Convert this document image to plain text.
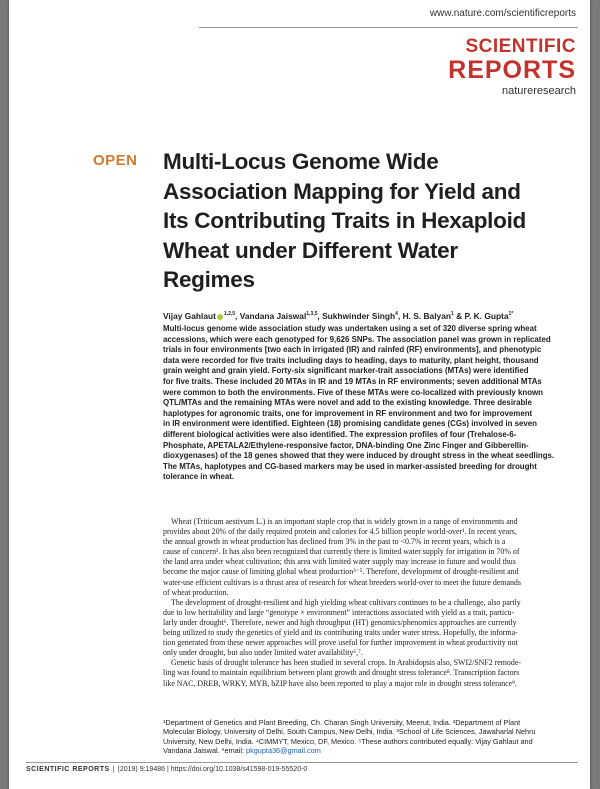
www.nature.com/scientificreports
SCIENTIFIC
REPORTS
natureresearch
OPEN Multi-Locus Genome Wide
Association Mapping for Yield and
Its Contributing Traits in Hexaploid
Wheat under Different Water
Regimes
Vijay Gahlaut $^{1,2,5}$, Vandana Jaiswal$^{1,3,5}$, Sukhwinder Singh$^4$, H. S. Balyan$^1$ & P. K. Gupta$^{1*}$
Multi-locus genome wide association study was undertaken using a set of 320 diverse spring wheat
accessions, which were each genotyped for 9,626 SNPs. The association panel was grown in replicated
trials in four environments [two each in irrigated (IR) and rainfed (RF) environments], and phenotypic
data were recorded for five traits including days to heading, days to maturity, plant height, thousand
grain weight and grain yield. Forty-six significant marker-trait associations (MTAs) were identified
for five traits. These included 20 MTAs in IR and 19 MTAs in RF environments; seven additional MTAs
were common to both the environments. Five of these MTAs were co-localized with previously known
QTL/MTAs and the remaining MTAs were novel and add to the existing knowledge. Three desirable
haplotypes for agronomic traits, one for improvement in RF environment and two for improvement
in IR environment were identified. Eighteen (18) promising candidate genes (CGs) involved in seven
different biological activities were also identified. The expression profiles of four (Trehalose-6-
Phosphate, APETALA2/Ethylene-responsive factor, DNA-binding One Zinc Finger and Gibberellin-
dioxygenases) of the 18 genes showed that they were induced by drought stress in the wheat seedlings.
The MTAs, haplotypes and CG-based markers may be used in marker-assisted breeding for drought
tolerance in wheat.
Wheat (Triticum aestivum L.) is an important staple crop that is widely grown in a range of environments and
provides about 20% of the daily required protein and calories for 4.5 billion people world-over¹. In recent years,
the annual growth in wheat production has declined from 3% in the past to <0.7% in recent years, which is a
cause of concern². It has also been recognized that currently there is limited water supply for irrigation in 70% of
the land area under wheat cultivation; this area with limited water supply may increase in future and would thus
become the major cause of limiting global wheat production³⁻⁵. Therefore, development of drought-resilient and
water-use efficient cultivars is a thrust area of research for wheat breeders world-over to meet the future demands
of wheat production.
The development of drought-resilient and high yielding wheat cultivars continues to be a challenge, also partly
due to low heritability and large “genotype × environment” interactions associated with yield as a trait, particu-
larly under drought⁶. Therefore, newer and high throughput (HT) genomics/phenomics approaches are currently
being utilized to study the genetics of yield and its contributing traits under water stress. Hopefully, the informa-
tion generated from these newer approaches will prove useful for further improvement in wheat productivity not
only under drought, but also under limited water availability⁶,⁷.
Genetic basis of drought tolerance has been studied in several crops. In Arabidopsis also, SWI2/SNF2 remode-
ling was found to maintain equilibrium between plant growth and drought stress tolerance⁸. Transcription factors
like NAC, DREB, WRKY, MYB, bZIP have also been reported to play a major role in drought stress tolerance⁹.
¹Department of Genetics and Plant Breeding, Ch. Charan Singh University, Meerut, India. ²Department of Plant
Molecular Biology, University of Delhi, South Campus, New Delhi, India. ³School of Life Sciences, Jawaharlal Nehru
University, New Delhi, India. ⁴CIMMYT, Mexico, DF, Mexico. ⁵These authors contributed equally: Vijay Gahlaut and
Vandana Jaiswal. *email: pkgupta36@gmail.com
SCIENTIFIC REPORTS | (2019) 9:19486 | https://doi.org/10.1038/s41598-019-55520-0
